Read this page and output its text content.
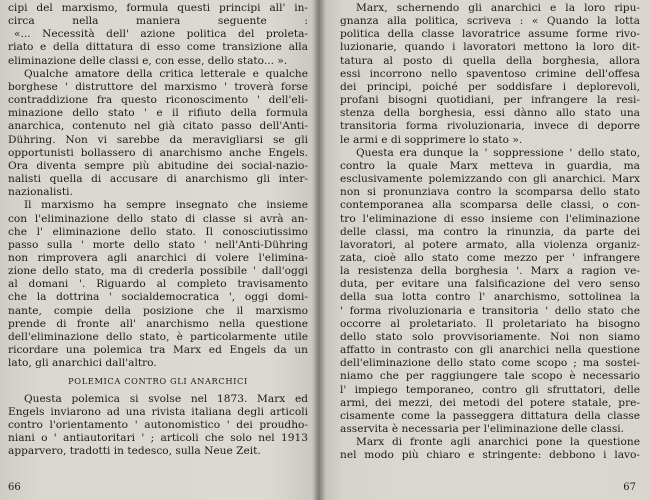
cipi del marxismo, formula questi principi all' in-
circa nella maniera seguente :
«... Necessità dell' azione politica del proleta-
riato e della dittatura di esso come transizione alla
eliminazione delle classi e, con esse, dello stato... ».
Qualche amatore della critica letterale e qualche
borghese ' distruttore del marxismo ' troverà forse
contraddizione fra questo riconoscimento ' dell'eli-
minazione dello stato ' e il rifiuto della formula
anarchica, contenuto nel già citato passo dell'Anti-
Dühring. Non vi sarebbe da meravigliarsi se gli
opportunisti bollassero di anarchismo anche Engels.
Ora diventa sempre più abitudine dei social-nazio-
nalisti quella di accusare di anarchismo gli inter-
nazionalisti.
Il marxismo ha sempre insegnato che insieme
con l'eliminazione dello stato di classe si avrà an-
che l' eliminazione dello stato. Il conosciutissimo
passo sulla ' morte dello stato ' nell'Anti-Dühring
non rimprovera agli anarchici di volere l'elimina-
zione dello stato, ma di crederla possibile ' dall'oggi
al domani '. Riguardo al completo travisamento
che la dottrina ' socialdemocratica ', oggi domi-
nante, compie della posizione che il marxismo
prende di fronte all' anarchismo nella questione
dell'eliminazione dello stato, è particolarmente utile
ricordare una polemica tra Marx ed Engels da un
lato, gli anarchici dall'altro.
POLEMICA CONTRO GLI ANARCHICI
Questa polemica si svolse nel 1873. Marx ed
Engels inviarono ad una rivista italiana degli articoli
contro l'orientamento ' autonomistico ' dei proudho-
niani o ' antiautoritari ' ; articoli che solo nel 1913
apparvero, tradotti in tedesco, sulla Neue Zeit.
66
Marx, schernendo gli anarchici e la loro ripu-
gnanza alla politica, scriveva : « Quando la lotta
politica della classe lavoratrice assume forme rivo-
luzionarie, quando i lavoratori mettono la loro dit-
tatura al posto di quella della borghesia, allora
essi incorrono nello spaventoso crimine dell'offesa
dei principi, poiché per soddisfare i deplorevoli,
profani bisogni quotidiani, per infrangere la resi-
stenza della borghesia, essi dànno allo stato una
transitoria forma rivoluzionaria, invece di deporre
le armi e di sopprimere lo stato ».
Questa era dunque la ' soppressione ' dello stato,
contro la quale Marx metteva in guardia, ma
esclusivamente polemizzando con gli anarchici. Marx
non si pronunziava contro la scomparsa dello stato
contemporanea alla scomparsa delle classi, o con-
tro l'eliminazione di esso insieme con l'eliminazione
delle classi, ma contro la rinunzia, da parte dei
lavoratori, al potere armato, alla violenza organiz-
zata, cioè allo stato come mezzo per ' infrangere
la resistenza della borghesia '. Marx a ragion ve-
duta, per evitare una falsificazione del vero senso
della sua lotta contro l' anarchismo, sottolinea la
' forma rivoluzionaria e transitoria ' dello stato che
occorre al proletariato. Il proletariato ha bisogno
dello stato solo provvisoriamente. Noi non siamo
affatto in contrasto con gli anarchici nella questione
dell'eliminazione dello stato come scopo ; ma sostei-
niamo che per raggiungere tale scopo è necessario
l' impiego temporaneo, contro gli sfruttatori, delle
armi, dei mezzi, dei metodi del potere statale, pre-
cisamente come la passeggera dittatura della classe
asservita è necessaria per l'eliminazione delle classi.
Marx di fronte agli anarchici pone la questione
nel modo più chiaro e stringente: debbono i lavo-
67
